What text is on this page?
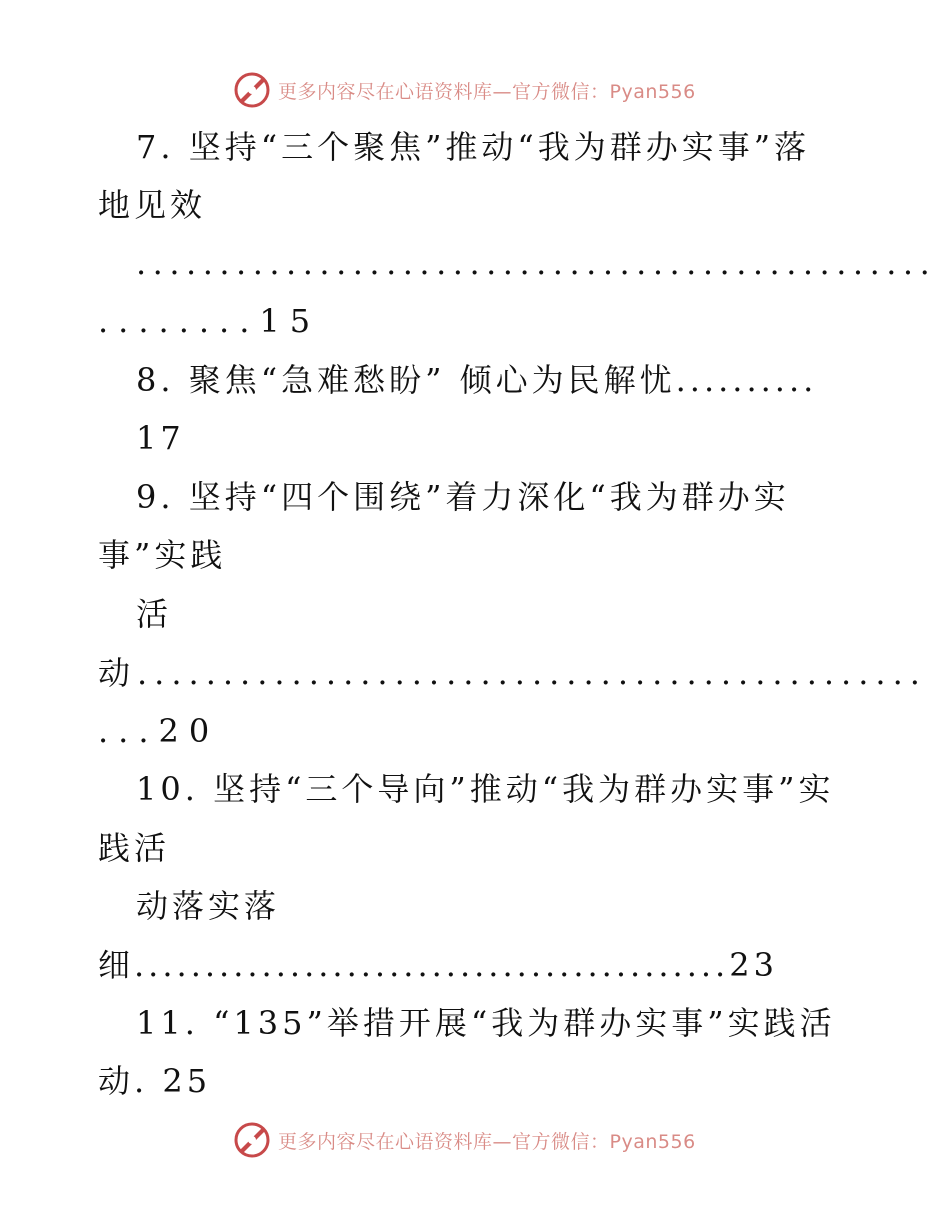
更多内容尽在心语资料库—官方微信：Pyan556
7. 坚持“三个聚焦”推动“我为群办实事”落
地见效
................................................
........15
8. 聚焦“急难愁盼” 倾心为民解忧..........
17
9. 坚持“四个围绕”着力深化“我为群办实
事”实践
活
动..............................................
...20
10. 坚持“三个导向”推动“我为群办实事”实
践活
动落实落
细..........................................23
11. “135”举措开展“我为群办实事”实践活
动. 25
更多内容尽在心语资料库—官方微信：Pyan556
